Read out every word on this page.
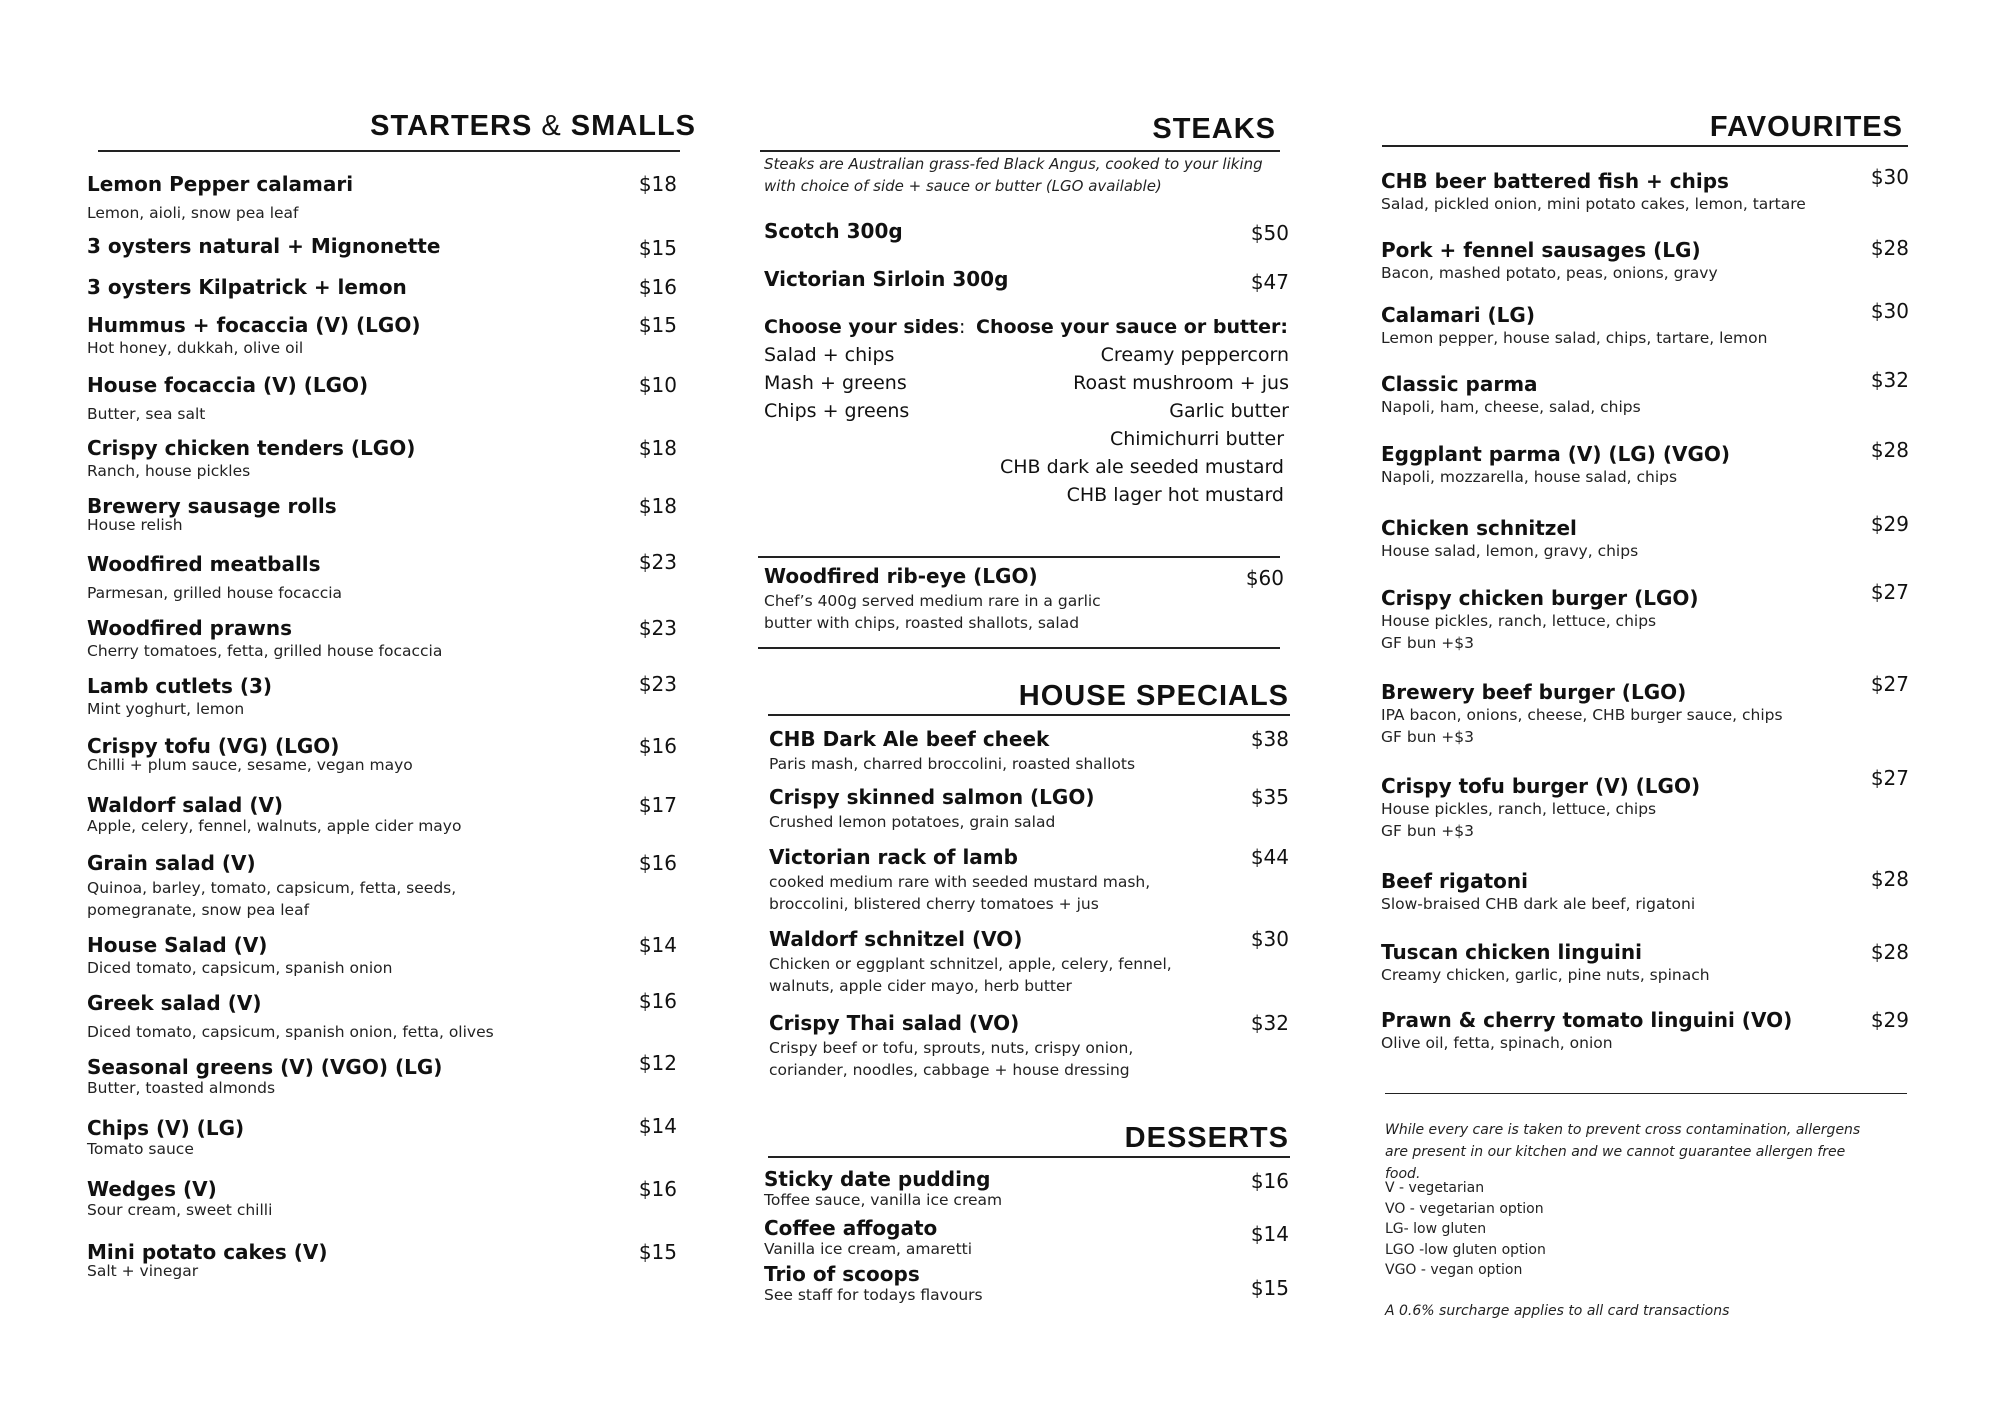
STARTERS & SMALLS
Lemon Pepper calamari
Lemon, aioli, snow pea leaf
$18
3 oysters natural + Mignonette	$15
3 oysters Kilpatrick + lemon	$16
Hummus + focaccia (V) (LGO)
Hot honey, dukkah, olive oil
$15
House focaccia (V) (LGO)
Butter, sea salt
$10
Crispy chicken tenders (LGO)
Ranch, house pickles
$18
Brewery sausage rolls
House relish
$18
Woodfired meatballs
Parmesan, grilled house focaccia
$23
Woodfired prawns
Cherry tomatoes, fetta, grilled house focaccia
$23
Lamb cutlets (3)
Mint yoghurt, lemon
$23
Crispy tofu (VG) (LGO)
Chilli + plum sauce, sesame, vegan mayo
$16
Waldorf salad (V)
Apple, celery, fennel, walnuts, apple cider mayo
$17
Grain salad (V)
Quinoa, barley, tomato, capsicum, fetta, seeds, pomegranate, snow pea leaf
$16
House Salad (V)
Diced tomato, capsicum, spanish onion
$14
Greek salad (V)
Diced tomato, capsicum, spanish onion, fetta, olives
$16
Seasonal greens (V) (VGO) (LG)
Butter, toasted almonds
$12
Chips (V) (LG)
Tomato sauce
$14
Wedges (V)
Sour cream, sweet chilli
$16
Mini potato cakes (V)
Salt + vinegar
$15
STEAKS
Steaks are Australian grass-fed Black Angus, cooked to your liking with choice of side + sauce or butter (LGO available)
Scotch 300g	$50
Victorian Sirloin 300g	$47
Choose your sides:
Salad + chips
Mash + greens
Chips + greens
Choose your sauce or butter:
Creamy peppercorn
Roast mushroom + jus
Garlic butter
Chimichurri butter
CHB dark ale seeded mustard
CHB lager hot mustard
Woodfired rib-eye (LGO)
Chef’s 400g served medium rare in a garlic butter with chips, roasted shallots, salad
$60
HOUSE SPECIALS
CHB Dark Ale beef cheek
Paris mash, charred broccolini, roasted shallots
$38
Crispy skinned salmon (LGO)
Crushed lemon potatoes, grain salad
$35
Victorian rack of lamb
cooked medium rare with seeded mustard mash, broccolini, blistered cherry tomatoes + jus
$44
Waldorf schnitzel (VO)
Chicken or eggplant schnitzel, apple, celery, fennel, walnuts, apple cider mayo, herb butter
$30
Crispy Thai salad (VO)
Crispy beef or tofu, sprouts, nuts, crispy onion, coriander, noodles, cabbage + house dressing
$32
DESSERTS
Sticky date pudding
Toffee sauce, vanilla ice cream
$16
Coffee affogato
Vanilla ice cream, amaretti
$14
Trio of scoops
See staff for todays flavours	$15
FAVOURITES
CHB beer battered fish + chips
Salad, pickled onion, mini potato cakes, lemon, tartare
$30
Pork + fennel sausages (LG)
Bacon, mashed potato, peas, onions, gravy
$28
Calamari (LG)
Lemon pepper, house salad, chips, tartare, lemon
$30
Classic parma
Napoli, ham, cheese, salad, chips
$32
Eggplant parma (V) (LG) (VGO)
Napoli, mozzarella, house salad, chips
$28
Chicken schnitzel
House salad, lemon, gravy, chips
$29
Crispy chicken burger (LGO)
House pickles, ranch, lettuce, chips
GF bun +$3
$27
Brewery beef burger (LGO)
IPA bacon, onions, cheese, CHB burger sauce, chips
GF bun +$3
$27
Crispy tofu burger (V) (LGO)
House pickles, ranch, lettuce, chips
GF bun +$3
$27
Beef rigatoni
Slow-braised CHB dark ale beef, rigatoni
$28
Tuscan chicken linguini
Creamy chicken, garlic, pine nuts, spinach
$28
Prawn & cherry tomato linguini (VO)
Olive oil, fetta, spinach, onion
$29
While every care is taken to prevent cross contamination, allergens are present in our kitchen and we cannot guarantee allergen free food.
V - vegetarian
VO - vegetarian option
LG- low gluten
LGO -low gluten option
VGO - vegan option
A 0.6% surcharge applies to all card transactions
